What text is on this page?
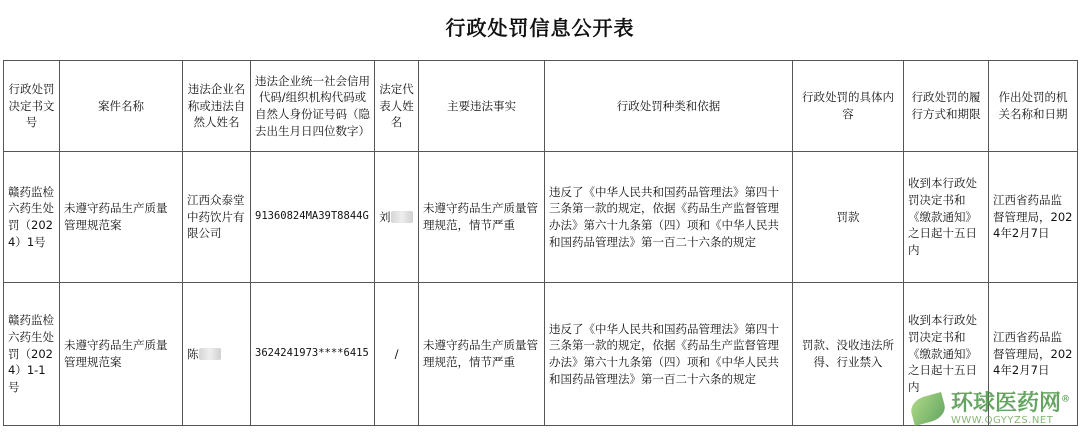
行政处罚信息公开表
行政处罚决定书文号	案件名称	违法企业名称或违法自然人姓名	违法企业统一社会信用代码/组织机构代码或自然人身份证号码（隐去出生月日四位数字）	法定代表人姓名	主要违法事实	行政处罚种类和依据	行政处罚的具体内容	行政处罚的履行方式和期限	作出处罚的机关名称和日期
赣药监检六药生处罚（2024）1号	未遵守药品生产质量管理规范案	江西众泰堂中药饮片有限公司	91360824MA39T8844G	刘	未遵守药品生产质量管理规范，情节严重	违反了《中华人民共和国药品管理法》第四十三条第一款的规定，依据《药品生产监督管理办法》第六十九条第（四）项和《中华人民共和国药品管理法》第一百二十六条的规定	罚款	收到本行政处罚决定书和《缴款通知》之日起十五日内	江西省药品监督管理局，2024年2月7日
赣药监检六药生处罚（2024）1-1号	未遵守药品生产质量管理规范案	陈	3624241973****6415	/	未遵守药品生产质量管理规范，情节严重	违反了《中华人民共和国药品管理法》第四十三条第一款的规定，依据《药品生产监督管理办法》第六十九条第（四）项和《中华人民共和国药品管理法》第一百二十六条的规定	罚款、没收违法所得、行业禁入	收到本行政处罚决定书和《缴款通知》之日起十五日内	江西省药品监督管理局，2024年2月7日
环球医药网®
WWW.QGYYZS.NET
